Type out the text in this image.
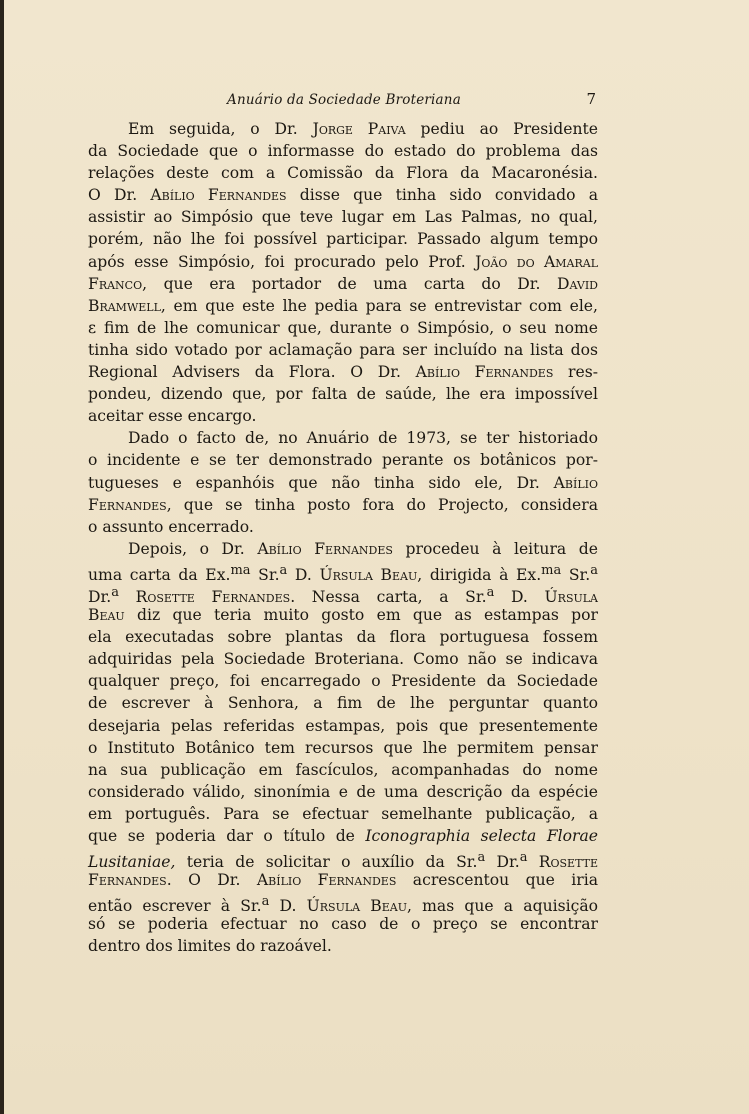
Anuário da Sociedade Broteriana	7
Em seguida, o Dr. Jorge Paiva pediu ao Presidente
da Sociedade que o informasse do estado do problema das
relações deste com a Comissão da Flora da Macaronésia.
O Dr. Abílio Fernandes disse que tinha sido convidado a
assistir ao Simpósio que teve lugar em Las Palmas, no qual,
porém, não lhe foi possível participar. Passado algum tempo
após esse Simpósio, foi procurado pelo Prof. João do Amaral
Franco, que era portador de uma carta do Dr. David
Bramwell, em que este lhe pedia para se entrevistar com ele,
ε fim de lhe comunicar que, durante o Simpósio, o seu nome
tinha sido votado por aclamação para ser incluído na lista dos
Regional Advisers da Flora. O Dr. Abílio Fernandes res-
pondeu, dizendo que, por falta de saúde, lhe era impossível
aceitar esse encargo.
Dado o facto de, no Anuário de 1973, se ter historiado
o incidente e se ter demonstrado perante os botânicos por-
tugueses e espanhóis que não tinha sido ele, Dr. Abílio
Fernandes, que se tinha posto fora do Projecto, considera
o assunto encerrado.
Depois, o Dr. Abílio Fernandes procedeu à leitura de
uma carta da Ex.$^{ma}$ Sr.$^a$ D. Úrsula Beau, dirigida à Ex.$^{ma}$ Sr.$^a$
Dr.$^a$ Rosette Fernandes. Nessa carta, a Sr.$^a$ D. Úrsula
Beau diz que teria muito gosto em que as estampas por
ela executadas sobre plantas da flora portuguesa fossem
adquiridas pela Sociedade Broteriana. Como não se indicava
qualquer preço, foi encarregado o Presidente da Sociedade
de escrever à Senhora, a fim de lhe perguntar quanto
desejaria pelas referidas estampas, pois que presentemente
o Instituto Botânico tem recursos que lhe permitem pensar
na sua publicação em fascículos, acompanhadas do nome
considerado válido, sinonímia e de uma descrição da espécie
em português. Para se efectuar semelhante publicação, a
que se poderia dar o título de Iconographia selecta Florae
Lusitaniae, teria de solicitar o auxílio da Sr.$^a$ Dr.$^a$ Rosette
Fernandes. O Dr. Abílio Fernandes acrescentou que iria
então escrever à Sr.$^a$ D. Úrsula Beau, mas que a aquisição
só se poderia efectuar no caso de o preço se encontrar
dentro dos limites do razoável.
